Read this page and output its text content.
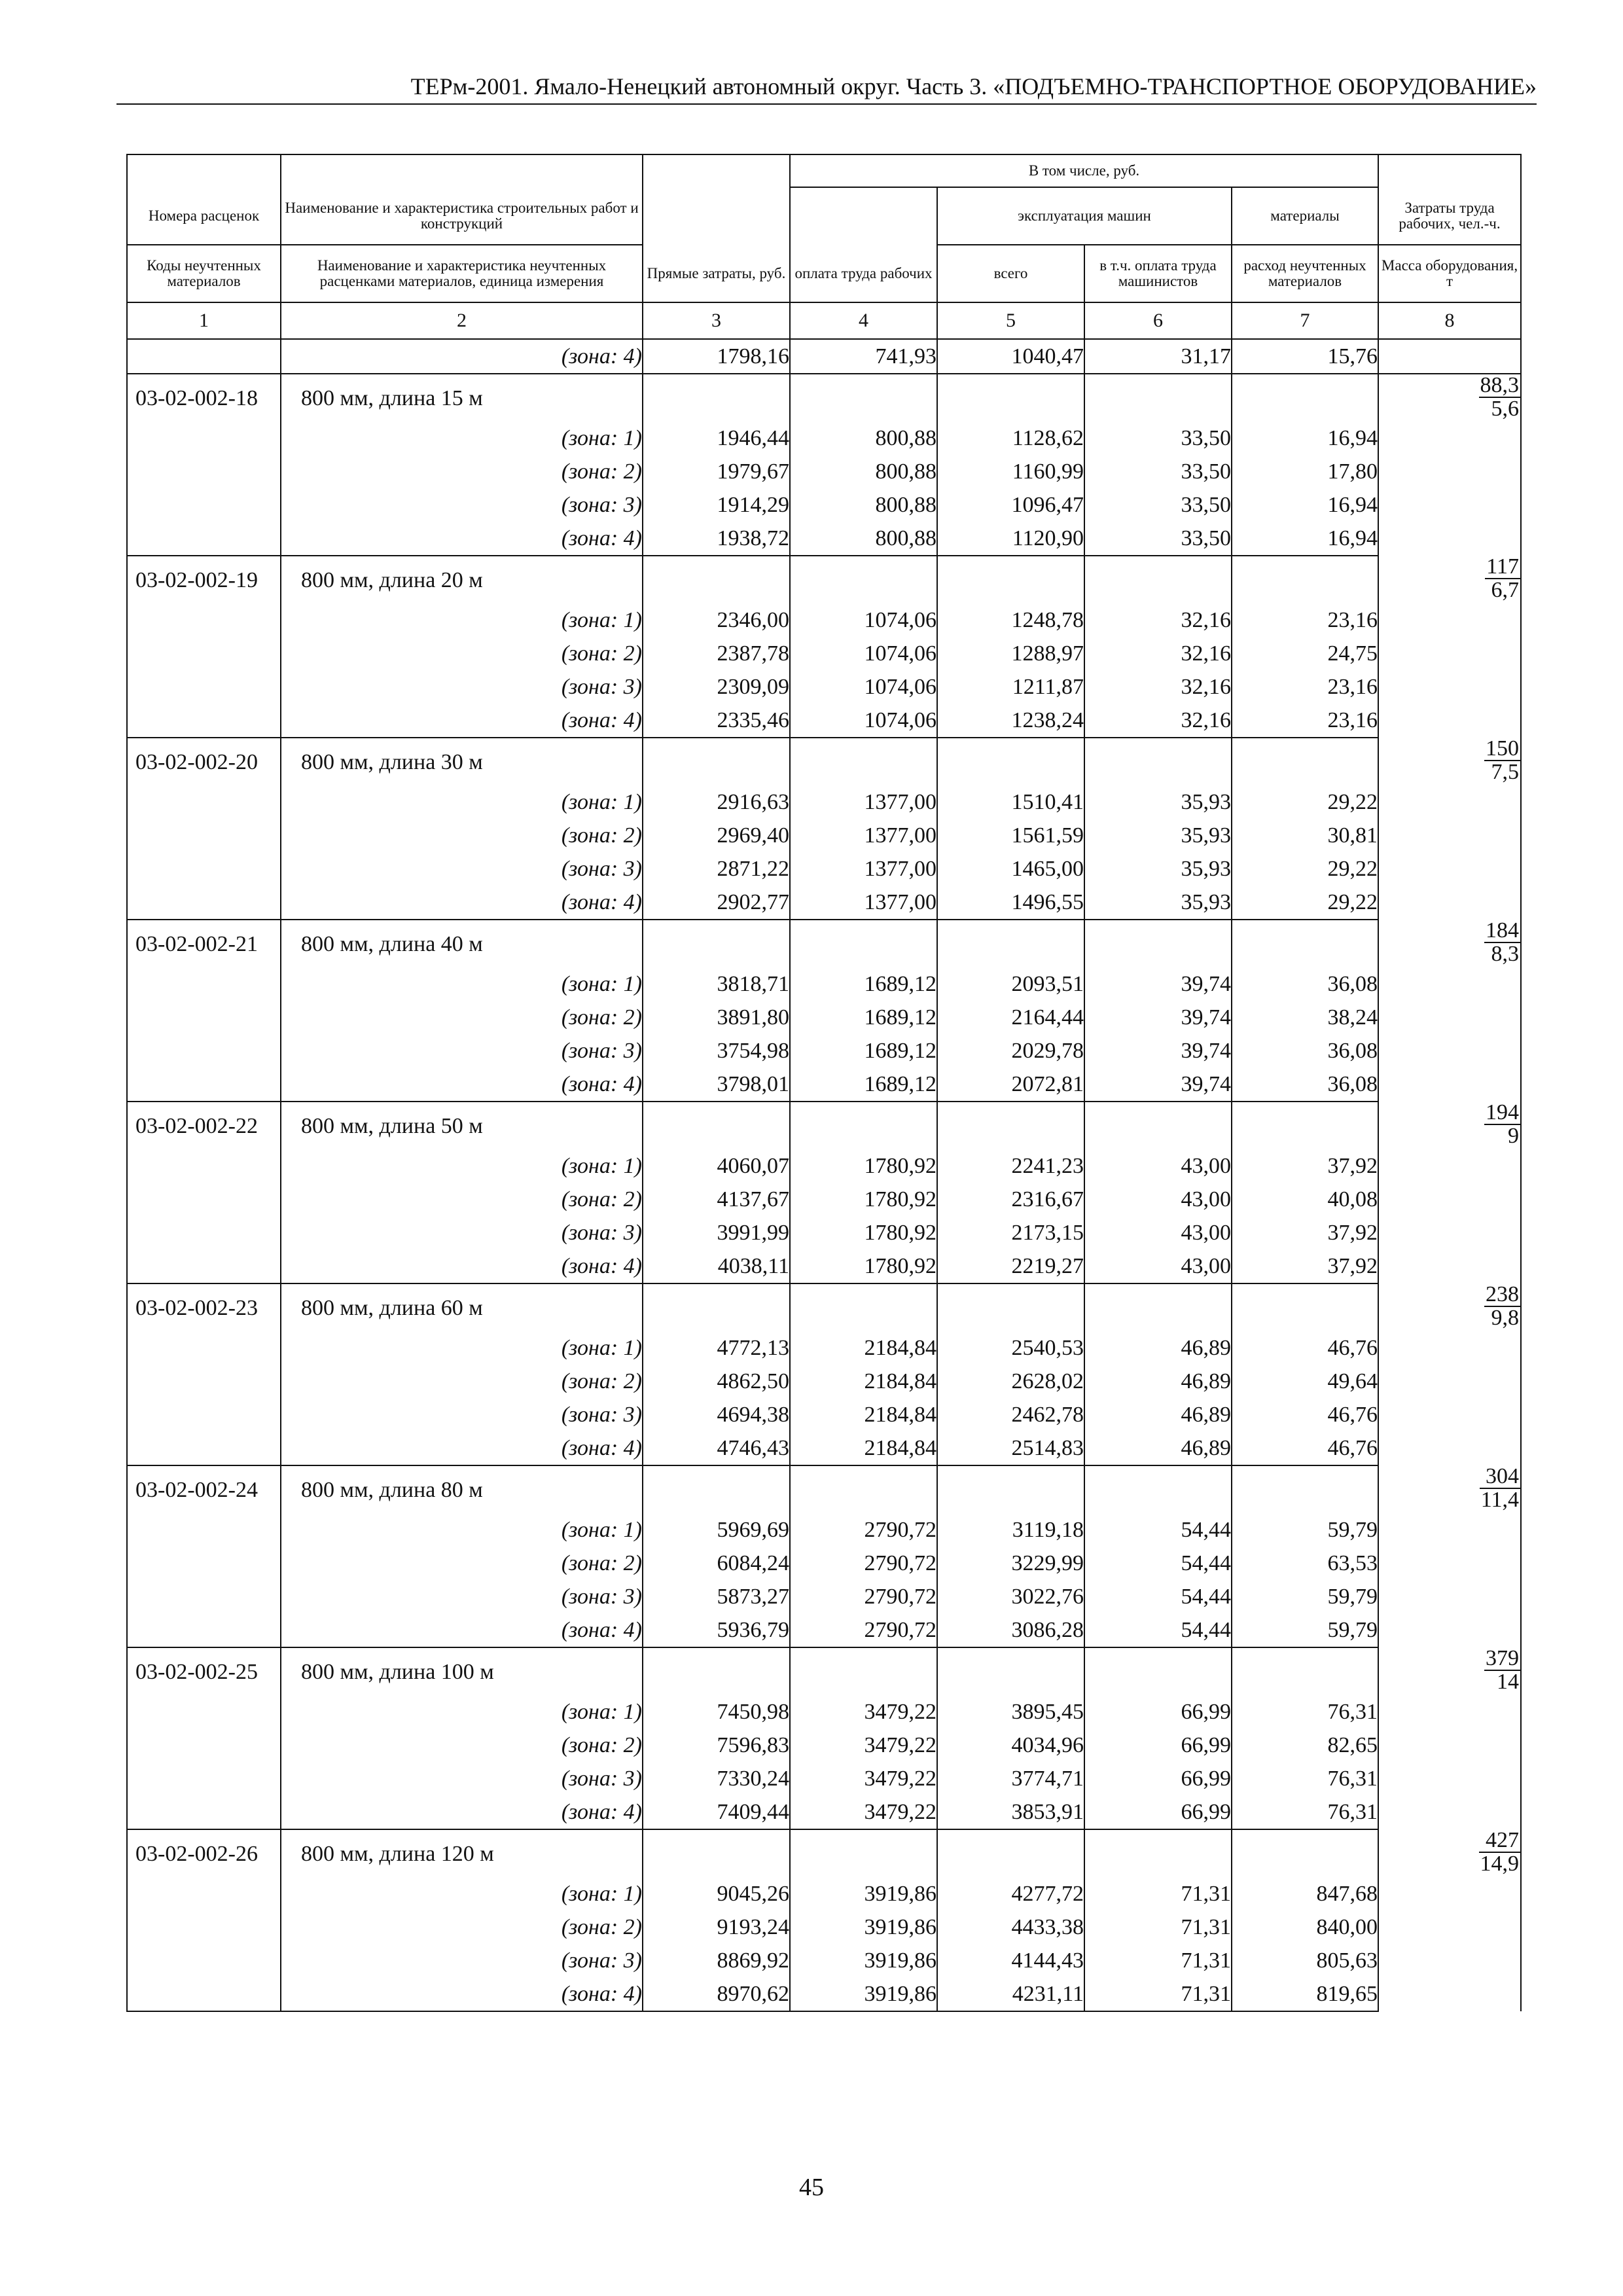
ТЕРм-2001. Ямало-Ненецкий автономный округ. Часть 3. «ПОДЪЕМНО-ТРАНСПОРТНОЕ ОБОРУДОВАНИЕ»
			В том числе, руб.				
Номера расценок	Наименование и характеристика строительных работ и конструкций			эксплуатация машин		материалы	Затраты труда рабочих, чел.-ч.
Коды неучтенных материалов	Наименование и характеристика неучтенных расценками материалов, единица измерения	Прямые затраты, руб.	оплата труда рабочих	всего	в т.ч. оплата труда машинистов	расход неучтенных материалов	Масса оборудования, т
1	2	3	4	5	6	7	8
	(зона: 4)	1798,16	741,93	1040,47	31,17	15,76	
03-02-002-18	800 мм, длина 15 м						$\frac{88,3}{5,6}$

	(зона: 1)	1946,44	800,88	1128,62	33,50	16,94	
	(зона: 2)	1979,67	800,88	1160,99	33,50	17,80	
	(зона: 3)	1914,29	800,88	1096,47	33,50	16,94	
	(зона: 4)	1938,72	800,88	1120,90	33,50	16,94	
03-02-002-19	800 мм, длина 20 м						$\frac{117}{6,7}$

	(зона: 1)	2346,00	1074,06	1248,78	32,16	23,16	
	(зона: 2)	2387,78	1074,06	1288,97	32,16	24,75	
	(зона: 3)	2309,09	1074,06	1211,87	32,16	23,16	
	(зона: 4)	2335,46	1074,06	1238,24	32,16	23,16	
03-02-002-20	800 мм, длина 30 м						$\frac{150}{7,5}$

	(зона: 1)	2916,63	1377,00	1510,41	35,93	29,22	
	(зона: 2)	2969,40	1377,00	1561,59	35,93	30,81	
	(зона: 3)	2871,22	1377,00	1465,00	35,93	29,22	
	(зона: 4)	2902,77	1377,00	1496,55	35,93	29,22	
03-02-002-21	800 мм, длина 40 м						$\frac{184}{8,3}$

	(зона: 1)	3818,71	1689,12	2093,51	39,74	36,08	
	(зона: 2)	3891,80	1689,12	2164,44	39,74	38,24	
	(зона: 3)	3754,98	1689,12	2029,78	39,74	36,08	
	(зона: 4)	3798,01	1689,12	2072,81	39,74	36,08	
03-02-002-22	800 мм, длина 50 м						$\frac{194}{9}$

	(зона: 1)	4060,07	1780,92	2241,23	43,00	37,92	
	(зона: 2)	4137,67	1780,92	2316,67	43,00	40,08	
	(зона: 3)	3991,99	1780,92	2173,15	43,00	37,92	
	(зона: 4)	4038,11	1780,92	2219,27	43,00	37,92	
03-02-002-23	800 мм, длина 60 м						$\frac{238}{9,8}$

	(зона: 1)	4772,13	2184,84	2540,53	46,89	46,76	
	(зона: 2)	4862,50	2184,84	2628,02	46,89	49,64	
	(зона: 3)	4694,38	2184,84	2462,78	46,89	46,76	
	(зона: 4)	4746,43	2184,84	2514,83	46,89	46,76	
03-02-002-24	800 мм, длина 80 м						$\frac{304}{11,4}$

	(зона: 1)	5969,69	2790,72	3119,18	54,44	59,79	
	(зона: 2)	6084,24	2790,72	3229,99	54,44	63,53	
	(зона: 3)	5873,27	2790,72	3022,76	54,44	59,79	
	(зона: 4)	5936,79	2790,72	3086,28	54,44	59,79	
03-02-002-25	800 мм, длина 100 м						$\frac{379}{14}$

	(зона: 1)	7450,98	3479,22	3895,45	66,99	76,31	
	(зона: 2)	7596,83	3479,22	4034,96	66,99	82,65	
	(зона: 3)	7330,24	3479,22	3774,71	66,99	76,31	
	(зона: 4)	7409,44	3479,22	3853,91	66,99	76,31	
03-02-002-26	800 мм, длина 120 м						$\frac{427}{14,9}$

	(зона: 1)	9045,26	3919,86	4277,72	71,31	847,68	
	(зона: 2)	9193,24	3919,86	4433,38	71,31	840,00	
	(зона: 3)	8869,92	3919,86	4144,43	71,31	805,63	
	(зона: 4)	8970,62	3919,86	4231,11	71,31	819,65	
45
